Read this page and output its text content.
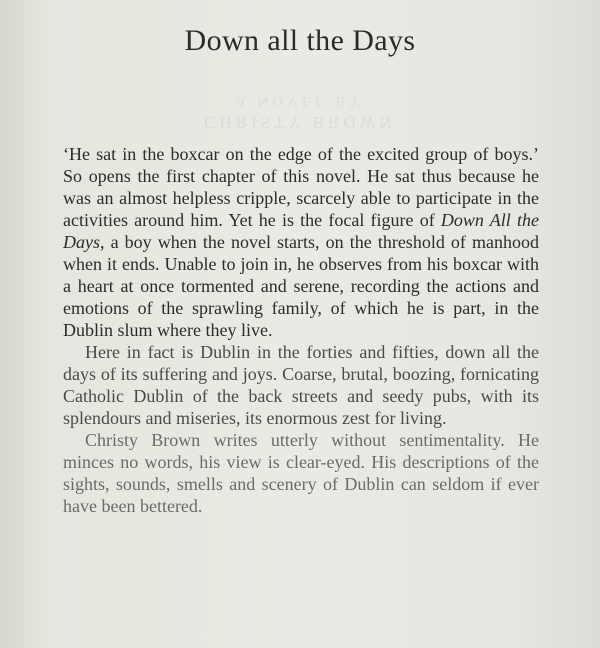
Down all the Days
A NOVEL BY
CHRISTY BROWN

‘He sat in the boxcar on the edge of the excited group of boys.’ So opens the first chapter of this novel. He sat thus because he was an almost helpless cripple, scarcely able to participate in the activities around him. Yet he is the focal figure of Down All the Days, a boy when the novel starts, on the threshold of manhood when it ends. Unable to join in, he observes from his boxcar with a heart at once tormented and serene, recording the actions and emotions of the sprawling family, of which he is part, in the Dublin slum where they live.

Here in fact is Dublin in the forties and fifties, down all the days of its suffering and joys. Coarse, brutal, boozing, fornicating Catholic Dublin of the back streets and seedy pubs, with its splendours and miseries, its enormous zest for living.

Christy Brown writes utterly without sentimentality. He minces no words, his view is clear-eyed. His descriptions of the sights, sounds, smells and scenery of Dublin can seldom if ever have been bettered.
